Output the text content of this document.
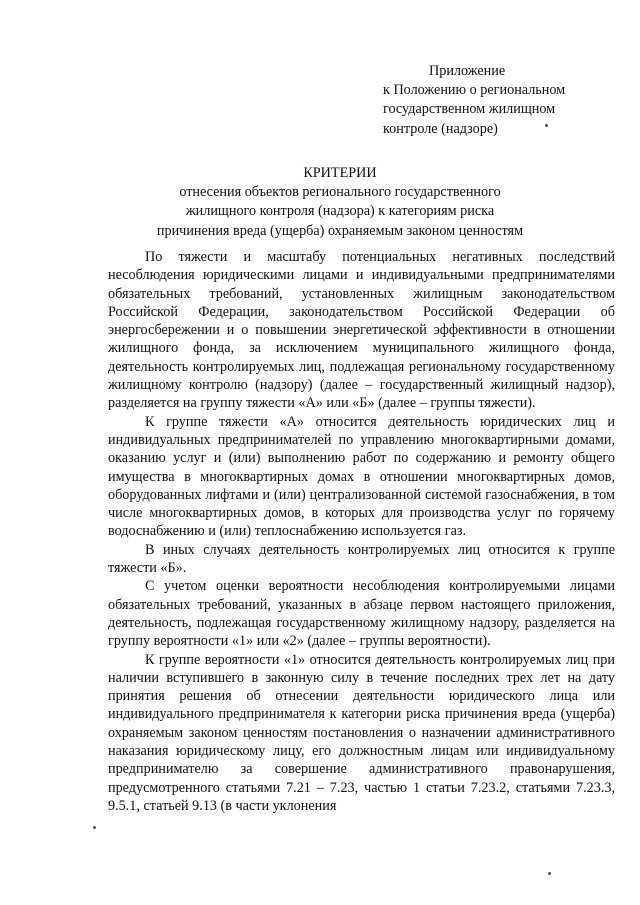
Приложение
к Положению о региональном
государственном жилищном
контроле (надзоре)
КРИТЕРИИ
отнесения объектов регионального государственного
жилищного контроля (надзора) к категориям риска
причинения вреда (ущерба) охраняемым законом ценностям

По тяжести и масштабу потенциальных негативных последствий несоблюдения юридическими лицами и индивидуальными предпринимателями обязательных требований, установленных жилищным законодательством Российской Федерации, законодательством Российской Федерации об энергосбережении и о повышении энергетической эффективности в отношении жилищного фонда, за исключением муниципального жилищного фонда, деятельность контролируемых лиц, подлежащая региональному государственному жилищному контролю (надзору) (далее – государственный жилищный надзор), разделяется на группу тяжести «А» или «Б» (далее – группы тяжести).

К группе тяжести «А» относится деятельность юридических лиц и индивидуальных предпринимателей по управлению многоквартирными домами, оказанию услуг и (или) выполнению работ по содержанию и ремонту общего имущества в многоквартирных домах в отношении многоквартирных домов, оборудованных лифтами и (или) централизованной системой газоснабжения, в том числе многоквартирных домов, в которых для производства услуг по горячему водоснабжению и (или) теплоснабжению используется газ.

В иных случаях деятельность контролируемых лиц относится к группе тяжести «Б».

С учетом оценки вероятности несоблюдения контролируемыми лицами обязательных требований, указанных в абзаце первом настоящего приложения, деятельность, подлежащая государственному жилищному надзору, разделяется на группу вероятности «1» или «2» (далее – группы вероятности).

К группе вероятности «1» относится деятельность контролируемых лиц при наличии вступившего в законную силу в течение последних трех лет на дату принятия решения об отнесении деятельности юридического лица или индивидуального предпринимателя к категории риска причинения вреда (ущерба) охраняемым законом ценностям постановления о назначении административного наказания юридическому лицу, его должностным лицам или индивидуальному предпринимателю за совершение административного правонарушения, предусмотренного статьями 7.21 – 7.23, частью 1 статьи 7.23.2, статьями 7.23.3, 9.5.1, статьей 9.13 (в части уклонения
